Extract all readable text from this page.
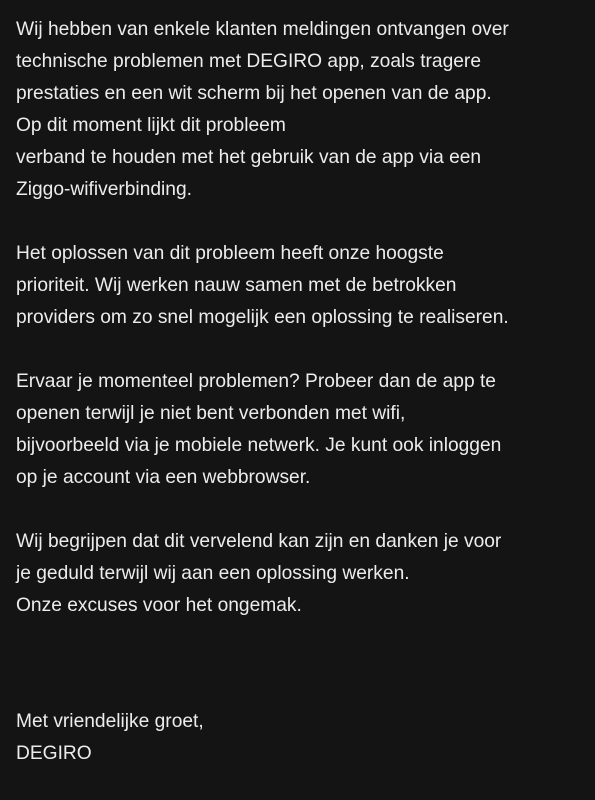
Wij hebben van enkele klanten meldingen ontvangen over
technische problemen met DEGIRO app, zoals tragere
prestaties en een wit scherm bij het openen van de app.
Op dit moment lijkt dit probleem
verband te houden met het gebruik van de app via een
Ziggo-wifiverbinding.

Het oplossen van dit probleem heeft onze hoogste
prioriteit. Wij werken nauw samen met de betrokken
providers om zo snel mogelijk een oplossing te realiseren.

Ervaar je momenteel problemen? Probeer dan de app te
openen terwijl je niet bent verbonden met wifi,
bijvoorbeeld via je mobiele netwerk. Je kunt ook inloggen
op je account via een webbrowser.

Wij begrijpen dat dit vervelend kan zijn en danken je voor
je geduld terwijl wij aan een oplossing werken.
Onze excuses voor het ongemak.

Met vriendelijke groet,
DEGIRO
